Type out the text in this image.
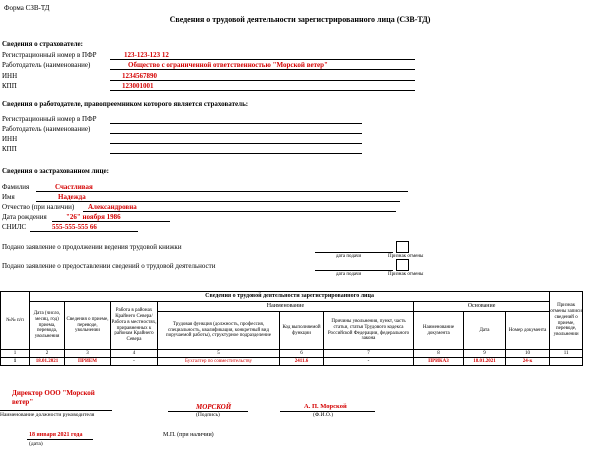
Форма СЗВ-ТД
Сведения о трудовой деятельности зарегистрированного лица (СЗВ-ТД)
Сведения о страхователе:
Регистрационный номер в ПФР	123-123-123 12
Работодатель (наименование)	Общество с ограниченной ответственностью "Морской ветер"
ИНН	1234567890
КПП	123001001
Сведения о работодателе, правопреемником которого является страхователь:
Регистрационный номер в ПФР
Работодатель (наименование)
ИНН
КПП
Сведения о застрахованном лице:
Фамилия	Счастливая
Имя	Надежда
Отчество (при наличии) Александровна
Дата рождения	"26" ноября 1986
СНИЛС	555-555-555 66
Подано заявление о продолжении ведения трудовой книжки
дата подачи	Признак отмены
Подано заявление о предоставлении сведений о трудовой деятельности
дата подачи	Признак отмены
№№ п/п	Сведения о трудовой деятельности зарегистрированного лица									Признак отмены записи сведений о приеме, переводе, увольнении
	Дата (число, месяц, год) приема, перевода, увольнения	Сведения о приеме, переводе, увольнении	Работа в районах Крайнего Севера/Работа в местностях, приравненных к районам Крайнего Севера	Наименование			Основание			
				Трудовая функция (должность, профессия, специальность, квалификация, конкретный вид поручаемой работы), структурное подразделение	Код выполняемой функции	Причины увольнения, пункт, часть статьи, статья Трудового кодекса Российской Федерации, федерального закона	Наименование документа	Дата	Номер документа	
1	2	3	4	5	6	7	8	9	10	11
1	18.01.2021	ПРИЕМ	-	Бухгалтер по совместительству	2411.6	-	ПРИКАЗ	18.01.2021	24-к	
Директор ООО "Морской ветер"
Наименование должности руководителя
МОРСКОЙ
(Подпись)
А. П. Морской
(Ф.И.О.)
18 января 2021 года
(дата)
М.П. (при наличии)
